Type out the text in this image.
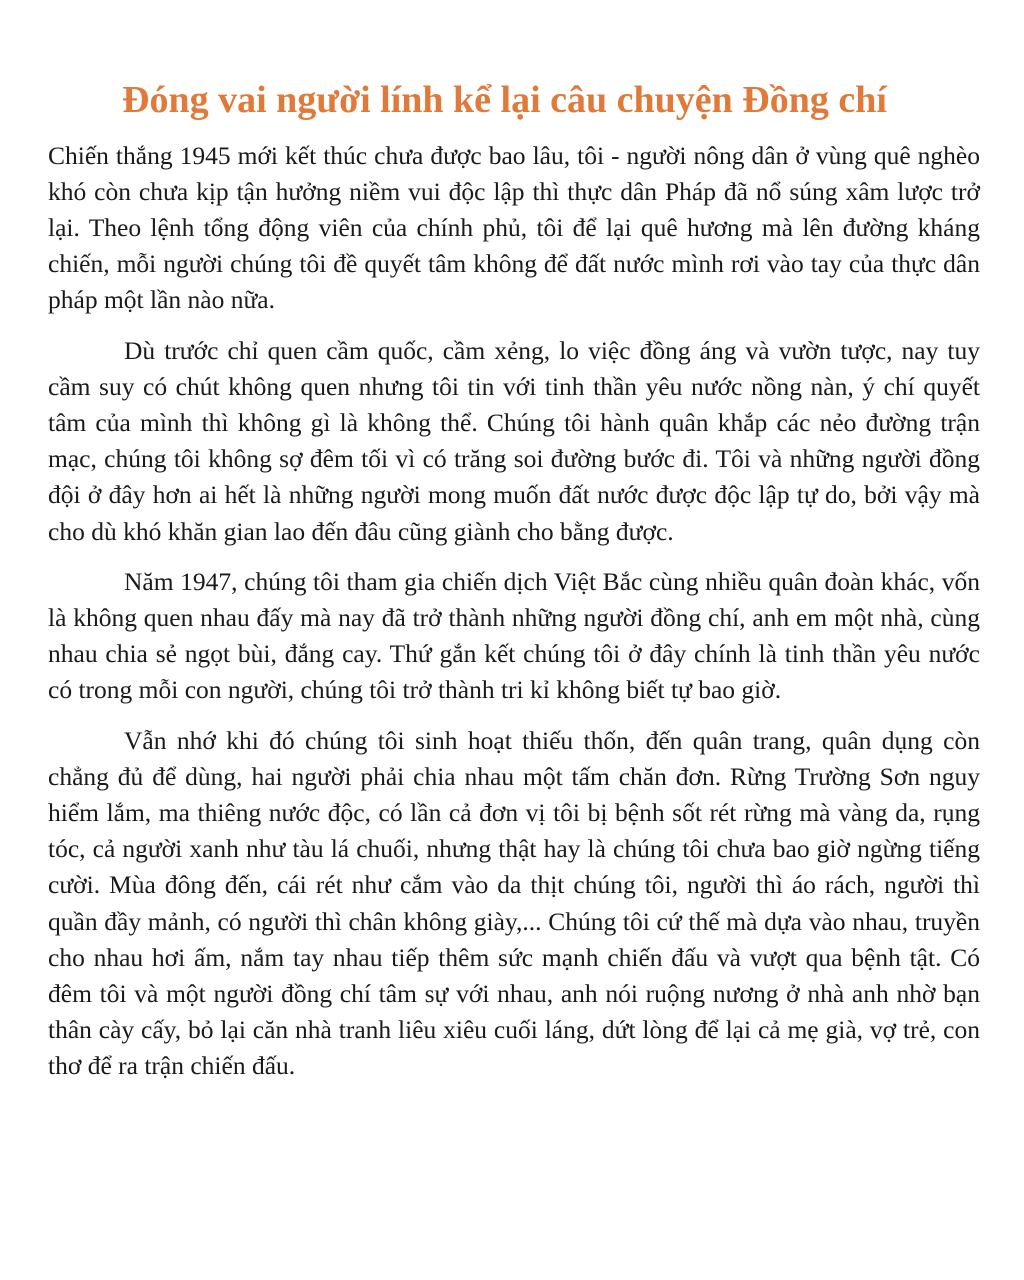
Đóng vai người lính kể lại câu chuyện Đồng chí

Chiến thắng 1945 mới kết thúc chưa được bao lâu, tôi - người nông dân ở vùng quê nghèo khó còn chưa kịp tận hưởng niềm vui độc lập thì thực dân Pháp đã nổ súng xâm lược trở lại. Theo lệnh tổng động viên của chính phủ, tôi để lại quê hương mà lên đường kháng chiến, mỗi người chúng tôi đề quyết tâm không để đất nước mình rơi vào tay của thực dân pháp một lần nào nữa.

Dù trước chỉ quen cầm quốc, cầm xẻng, lo việc đồng áng và vườn tược, nay tuy cầm suy có chút không quen nhưng tôi tin với tinh thần yêu nước nồng nàn, ý chí quyết tâm của mình thì không gì là không thể. Chúng tôi hành quân khắp các nẻo đường trận mạc, chúng tôi không sợ đêm tối vì có trăng soi đường bước đi. Tôi và những người đồng đội ở đây hơn ai hết là những người mong muốn đất nước được độc lập tự do, bởi vậy mà cho dù khó khăn gian lao đến đâu cũng giành cho bằng được.

Năm 1947, chúng tôi tham gia chiến dịch Việt Bắc cùng nhiều quân đoàn khác, vốn là không quen nhau đấy mà nay đã trở thành những người đồng chí, anh em một nhà, cùng nhau chia sẻ ngọt bùi, đắng cay. Thứ gắn kết chúng tôi ở đây chính là tinh thần yêu nước có trong mỗi con người, chúng tôi trở thành tri kỉ không biết tự bao giờ.

Vẫn nhớ khi đó chúng tôi sinh hoạt thiếu thốn, đến quân trang, quân dụng còn chẳng đủ để dùng, hai người phải chia nhau một tấm chăn đơn. Rừng Trường Sơn nguy hiểm lắm, ma thiêng nước độc, có lần cả đơn vị tôi bị bệnh sốt rét rừng mà vàng da, rụng tóc, cả người xanh như tàu lá chuối, nhưng thật hay là chúng tôi chưa bao giờ ngừng tiếng cười. Mùa đông đến, cái rét như cắm vào da thịt chúng tôi, người thì áo rách, người thì quần đầy mảnh, có người thì chân không giày,... Chúng tôi cứ thế mà dựa vào nhau, truyền cho nhau hơi ấm, nắm tay nhau tiếp thêm sức mạnh chiến đấu và vượt qua bệnh tật. Có đêm tôi và một người đồng chí tâm sự với nhau, anh nói ruộng nương ở nhà anh nhờ bạn thân cày cấy, bỏ lại căn nhà tranh liêu xiêu cuối láng, dứt lòng để lại cả mẹ già, vợ trẻ, con thơ để ra trận chiến đấu.
